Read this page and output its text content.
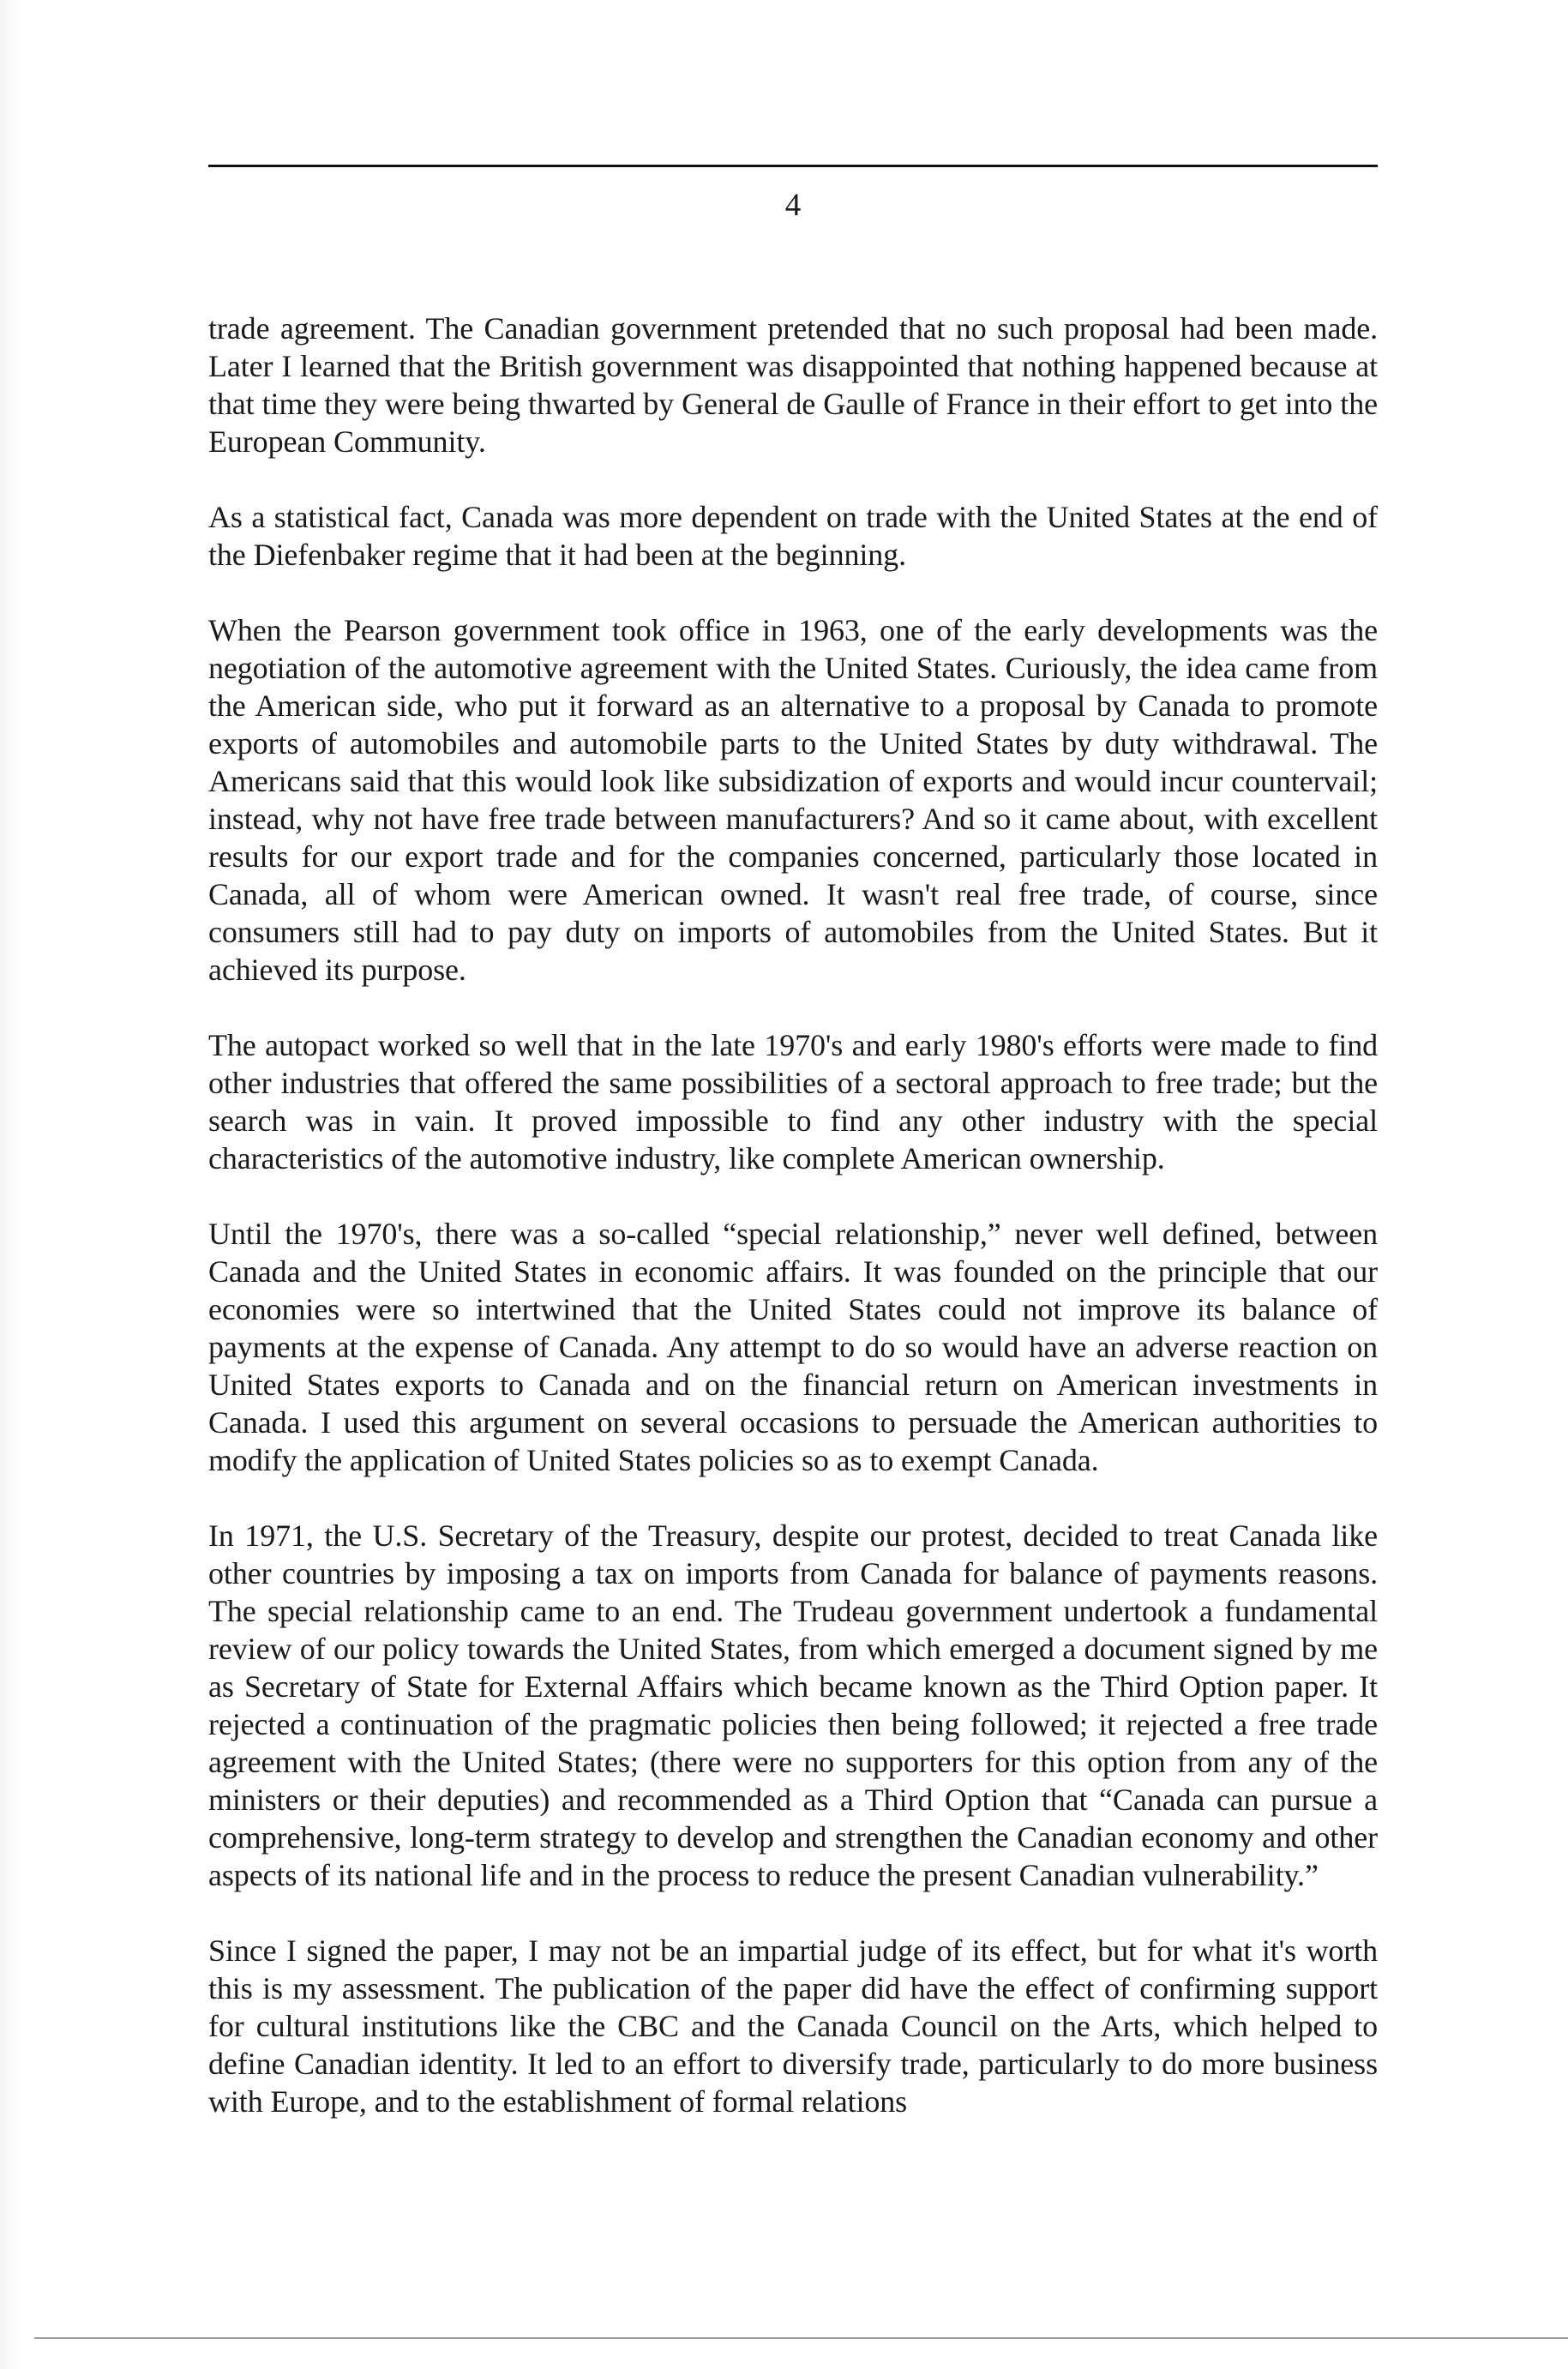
4

trade agreement. The Canadian government pretended that no such proposal had been made. Later I learned that the British government was disappointed that nothing happened because at that time they were being thwarted by General de Gaulle of France in their effort to get into the European Community.

As a statistical fact, Canada was more dependent on trade with the United States at the end of the Diefenbaker regime that it had been at the beginning.

When the Pearson government took office in 1963, one of the early developments was the negotiation of the automotive agreement with the United States. Curiously, the idea came from the American side, who put it forward as an alternative to a proposal by Canada to promote exports of automobiles and automobile parts to the United States by duty withdrawal. The Americans said that this would look like subsidization of exports and would incur countervail; instead, why not have free trade between manufacturers? And so it came about, with excellent results for our export trade and for the companies concerned, particularly those located in Canada, all of whom were American owned. It wasn't real free trade, of course, since consumers still had to pay duty on imports of automobiles from the United States. But it achieved its purpose.

The autopact worked so well that in the late 1970's and early 1980's efforts were made to find other industries that offered the same possibilities of a sectoral approach to free trade; but the search was in vain. It proved impossible to find any other industry with the special characteristics of the automotive industry, like complete American ownership.

Until the 1970's, there was a so-called “special relationship,” never well defined, between Canada and the United States in economic affairs. It was founded on the principle that our economies were so intertwined that the United States could not improve its balance of payments at the expense of Canada. Any attempt to do so would have an adverse reaction on United States exports to Canada and on the financial return on American investments in Canada. I used this argument on several occasions to persuade the American authorities to modify the application of United States policies so as to exempt Canada.

In 1971, the U.S. Secretary of the Treasury, despite our protest, decided to treat Canada like other countries by imposing a tax on imports from Canada for balance of payments reasons. The special relationship came to an end. The Trudeau government undertook a fundamental review of our policy towards the United States, from which emerged a document signed by me as Secretary of State for External Affairs which became known as the Third Option paper. It rejected a continuation of the pragmatic policies then being followed; it rejected a free trade agreement with the United States; (there were no supporters for this option from any of the ministers or their deputies) and recommended as a Third Option that “Canada can pursue a comprehensive, long-term strategy to develop and strengthen the Canadian economy and other aspects of its national life and in the process to reduce the present Canadian vulnerability.”

Since I signed the paper, I may not be an impartial judge of its effect, but for what it's worth this is my assessment. The publication of the paper did have the effect of confirming support for cultural institutions like the CBC and the Canada Council on the Arts, which helped to define Canadian identity. It led to an effort to diversify trade, particularly to do more business with Europe, and to the establishment of formal relations
